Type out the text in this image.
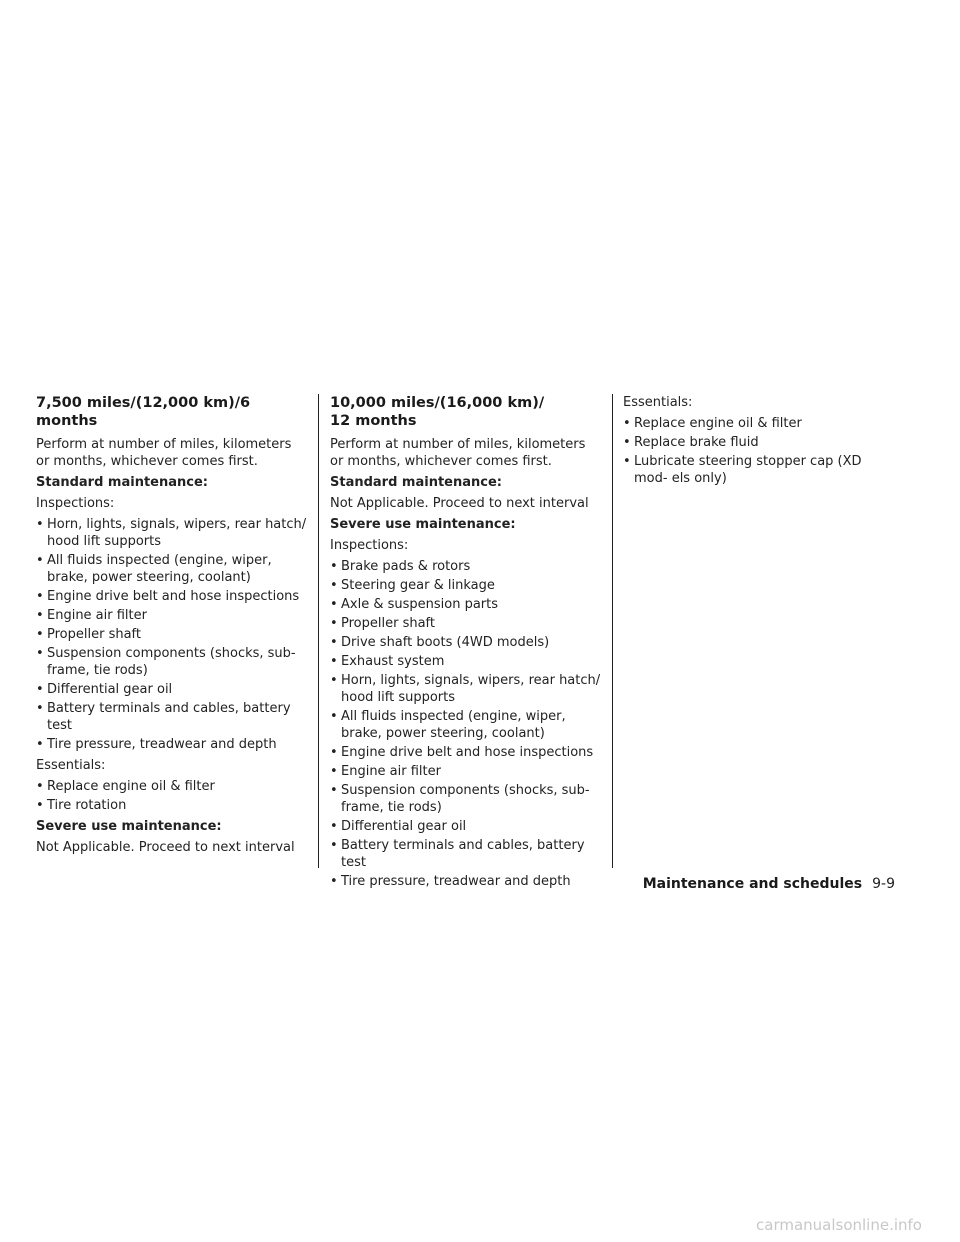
7,500 miles/(12,000 km)/6 months

Perform at number of miles, kilometers or months, whichever comes first.

Standard maintenance:

Inspections:

• Horn, lights, signals, wipers, rear hatch/ hood lift supports
• All fluids inspected (engine, wiper, brake, power steering, coolant)
• Engine drive belt and hose inspections
• Engine air filter
• Propeller shaft
• Suspension components (shocks, sub- frame, tie rods)
• Differential gear oil
• Battery terminals and cables, battery test
• Tire pressure, treadwear and depth

Essentials:

• Replace engine oil & filter
• Tire rotation

Severe use maintenance:

Not Applicable. Proceed to next interval

10,000 miles/(16,000 km)/
12 months

Perform at number of miles, kilometers or months, whichever comes first.

Standard maintenance:

Not Applicable. Proceed to next interval

Severe use maintenance:

Inspections:

• Brake pads & rotors
• Steering gear & linkage
• Axle & suspension parts
• Propeller shaft
• Drive shaft boots (4WD models)
• Exhaust system
• Horn, lights, signals, wipers, rear hatch/ hood lift supports
• All fluids inspected (engine, wiper, brake, power steering, coolant)
• Engine drive belt and hose inspections
• Engine air filter
• Suspension components (shocks, sub- frame, tie rods)
• Differential gear oil
• Battery terminals and cables, battery test
• Tire pressure, treadwear and depth

Essentials:

• Replace engine oil & filter
• Replace brake fluid
• Lubricate steering stopper cap (XD mod- els only)
Maintenance and schedules 9-9
carmanualsonline.info
